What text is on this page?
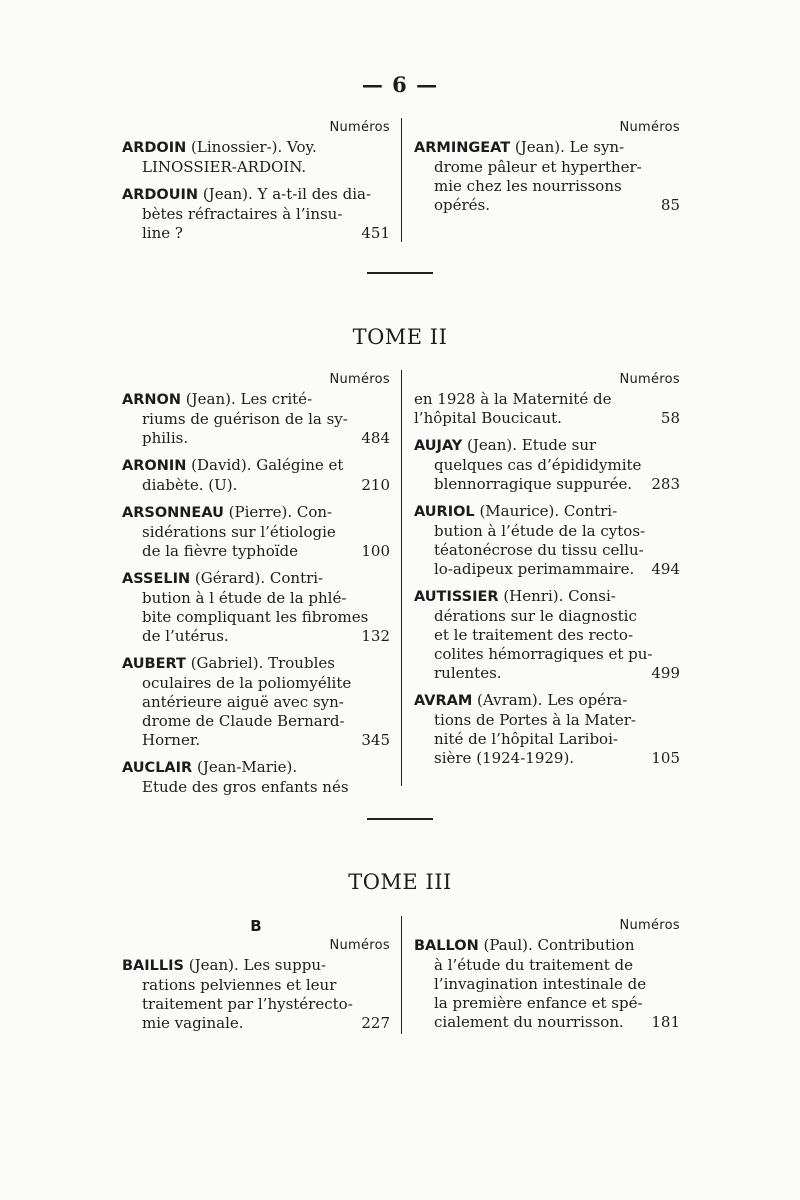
— 6 —
Numéros
ARDOIN (Linossier-). Voy.
LINOSSIER-ARDOIN.
ARDOUIN (Jean). Y a-t-il des dia-
bètes réfractaires à l’insu-
451
line ?
Numéros
ARMINGEAT (Jean). Le syn-
drome pâleur et hyperther-
mie chez les nourrissons
85
opérés.
TOME II
Numéros
ARNON (Jean). Les crité-
riums de guérison de la sy-
484
philis.
ARONIN (David). Galégine et
210
diabète. (U).
ARSONNEAU (Pierre). Con-
sidérations sur l’étiologie
100
de la fièvre typhoïde
ASSELIN (Gérard). Contri-
bution à l étude de la phlé-
bite compliquant les fibromes
132
de l’utérus.
AUBERT (Gabriel). Troubles
oculaires de la poliomyélite
antérieure aiguë avec syn-
drome de Claude Bernard-
345
Horner.
AUCLAIR (Jean-Marie).
Etude des gros enfants nés
Numéros
en 1928 à la Maternité de
58
l’hôpital Boucicaut.
AUJAY (Jean). Etude sur
quelques cas d’épididymite
283
blennorragique suppurée.
AURIOL (Maurice). Contri-
bution à l’étude de la cytos-
téatonécrose du tissu cellu-
494
lo-adipeux perimammaire.
AUTISSIER (Henri). Consi-
dérations sur le diagnostic
et le traitement des recto-
colites hémorragiques et pu-
499
rulentes.
AVRAM (Avram). Les opéra-
tions de Portes à la Mater-
nité de l’hôpital Lariboi-
105
sière (1924-1929).
TOME III
B
Numéros
BAILLIS (Jean). Les suppu-
rations pelviennes et leur
traitement par l’hystérecto-
227
mie vaginale.
Numéros
BALLON (Paul). Contribution
à l’étude du traitement de
l’invagination intestinale de
la première enfance et spé-
181
cialement du nourrisson.
